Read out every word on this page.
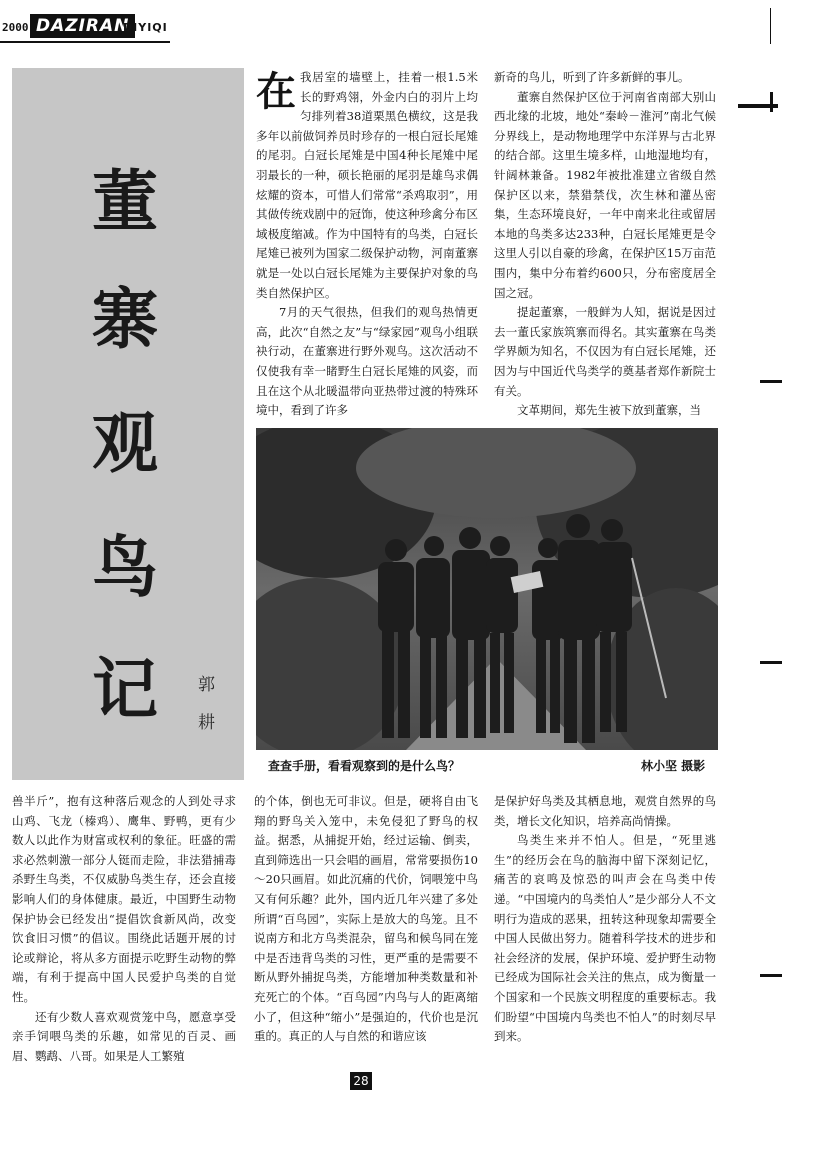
2000 DAZIRAN
DIYIQI
董
寨
观
鸟
记 郭
耕

在我居室的墙壁上，挂着一根1.5米长的野鸡翎，外金内白的羽片上均匀排列着38道栗黑色横纹，这是我多年以前做饲养员时珍存的一根白冠长尾雉的尾羽。白冠长尾雉是中国4种长尾雉中尾羽最长的一种，硕长艳丽的尾羽是雄鸟求偶炫耀的资本，可惜人们常常“杀鸡取羽”，用其做传统戏剧中的冠饰，使这种珍禽分布区域极度缩减。作为中国特有的鸟类，白冠长尾雉已被列为国家二级保护动物，河南董寨就是一处以白冠长尾雉为主要保护对象的鸟类自然保护区。

7月的天气很热，但我们的观鸟热情更高，此次“自然之友”与“绿家园”观鸟小组联袂行动，在董寨进行野外观鸟。这次活动不仅使我有幸一睹野生白冠长尾雉的风姿，而且在这个从北暖温带向亚热带过渡的特殊环境中，看到了许多

新奇的鸟儿，听到了许多新鲜的事儿。

董寨自然保护区位于河南省南部大别山西北缘的北坡，地处“秦岭－淮河”南北气候分界线上，是动物地理学中东洋界与古北界的结合部。这里生境多样，山地湿地均有，针阔林兼备。1982年被批准建立省级自然保护区以来，禁猎禁伐，次生林和灌丛密集，生态环境良好，一年中南来北往或留居本地的鸟类多达233种，白冠长尾雉更是令这里人引以自豪的珍禽，在保护区15万亩范围内，集中分布着约600只，分布密度居全国之冠。

提起董寨，一般鲜为人知，据说是因过去一董氏家族筑寨而得名。其实董寨在鸟类学界颇为知名，不仅因为有白冠长尾雉，还因为与中国近代鸟类学的奠基者郑作新院士有关。

文革期间，郑先生被下放到董寨，当

查查手册，看看观察到的是什么鸟？	林小坚 摄影

兽半斤”，抱有这种落后观念的人到处寻求山鸡、飞龙（榛鸡）、鹰隼、野鸭，更有少数人以此作为财富或权利的象征。旺盛的需求必然刺激一部分人铤而走险，非法猎捕毒杀野生鸟类，不仅威胁鸟类生存，还会直接影响人们的身体健康。最近，中国野生动物保护协会已经发出“提倡饮食新风尚，改变饮食旧习惯”的倡议。围绕此话题开展的讨论或辩论，将从多方面提示吃野生动物的弊端，有利于提高中国人民爱护鸟类的自觉性。

还有少数人喜欢观赏笼中鸟，愿意享受亲手饲喂鸟类的乐趣，如常见的百灵、画眉、鹦鹉、八哥。如果是人工繁殖

的个体，倒也无可非议。但是，硬将自由飞翔的野鸟关入笼中，未免侵犯了野鸟的权益。据悉，从捕捉开始，经过运输、倒卖，直到筛选出一只会唱的画眉，常常要损伤10～20只画眉。如此沉痛的代价，饲喂笼中鸟又有何乐趣？此外，国内近几年兴建了多处所谓“百鸟园”，实际上是放大的鸟笼。且不说南方和北方鸟类混杂，留鸟和候鸟同在笼中是否违背鸟类的习性，更严重的是需要不断从野外捕捉鸟类，方能增加种类数量和补充死亡的个体。“百鸟园”内鸟与人的距离缩小了，但这种“缩小”是强迫的，代价也是沉重的。真正的人与自然的和谐应该

是保护好鸟类及其栖息地，观赏自然界的鸟类，增长文化知识，培养高尚情操。

鸟类生来并不怕人。但是，“死里逃生”的经历会在鸟的脑海中留下深刻记忆，痛苦的哀鸣及惊恐的叫声会在鸟类中传递。“中国境内的鸟类怕人”是少部分人不文明行为造成的恶果，扭转这种现象却需要全中国人民做出努力。随着科学技术的进步和社会经济的发展，保护环境、爱护野生动物已经成为国际社会关注的焦点，成为衡量一个国家和一个民族文明程度的重要标志。我们盼望“中国境内鸟类也不怕人”的时刻尽早到来。

28
